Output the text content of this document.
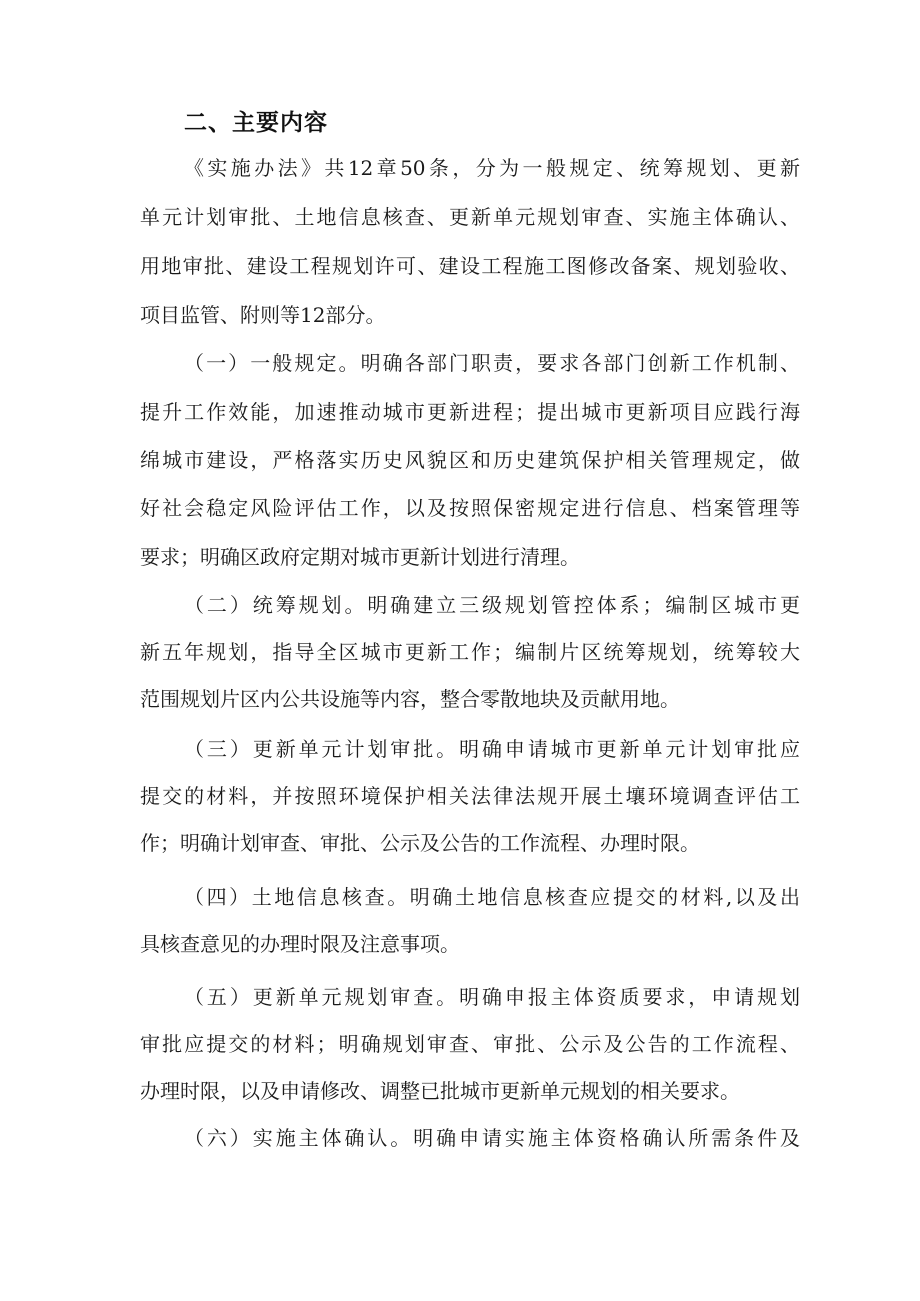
二、主要内容
《实施办法》共12章50条，分为一般规定、统筹规划、更新
单元计划审批、土地信息核查、更新单元规划审查、实施主体确认、
用地审批、建设工程规划许可、建设工程施工图修改备案、规划验收、
项目监管、附则等12部分。
（一）一般规定。明确各部门职责，要求各部门创新工作机制、
提升工作效能，加速推动城市更新进程；提出城市更新项目应践行海
绵城市建设，严格落实历史风貌区和历史建筑保护相关管理规定，做
好社会稳定风险评估工作，以及按照保密规定进行信息、档案管理等
要求；明确区政府定期对城市更新计划进行清理。
（二）统筹规划。明确建立三级规划管控体系；编制区城市更
新五年规划，指导全区城市更新工作；编制片区统筹规划，统筹较大
范围规划片区内公共设施等内容，整合零散地块及贡献用地。
（三）更新单元计划审批。明确申请城市更新单元计划审批应
提交的材料，并按照环境保护相关法律法规开展土壤环境调查评估工
作；明确计划审查、审批、公示及公告的工作流程、办理时限。
（四）土地信息核查。明确土地信息核查应提交的材料,以及出
具核查意见的办理时限及注意事项。
（五）更新单元规划审查。明确申报主体资质要求，申请规划
审批应提交的材料；明确规划审查、审批、公示及公告的工作流程、
办理时限，以及申请修改、调整已批城市更新单元规划的相关要求。
（六）实施主体确认。明确申请实施主体资格确认所需条件及
